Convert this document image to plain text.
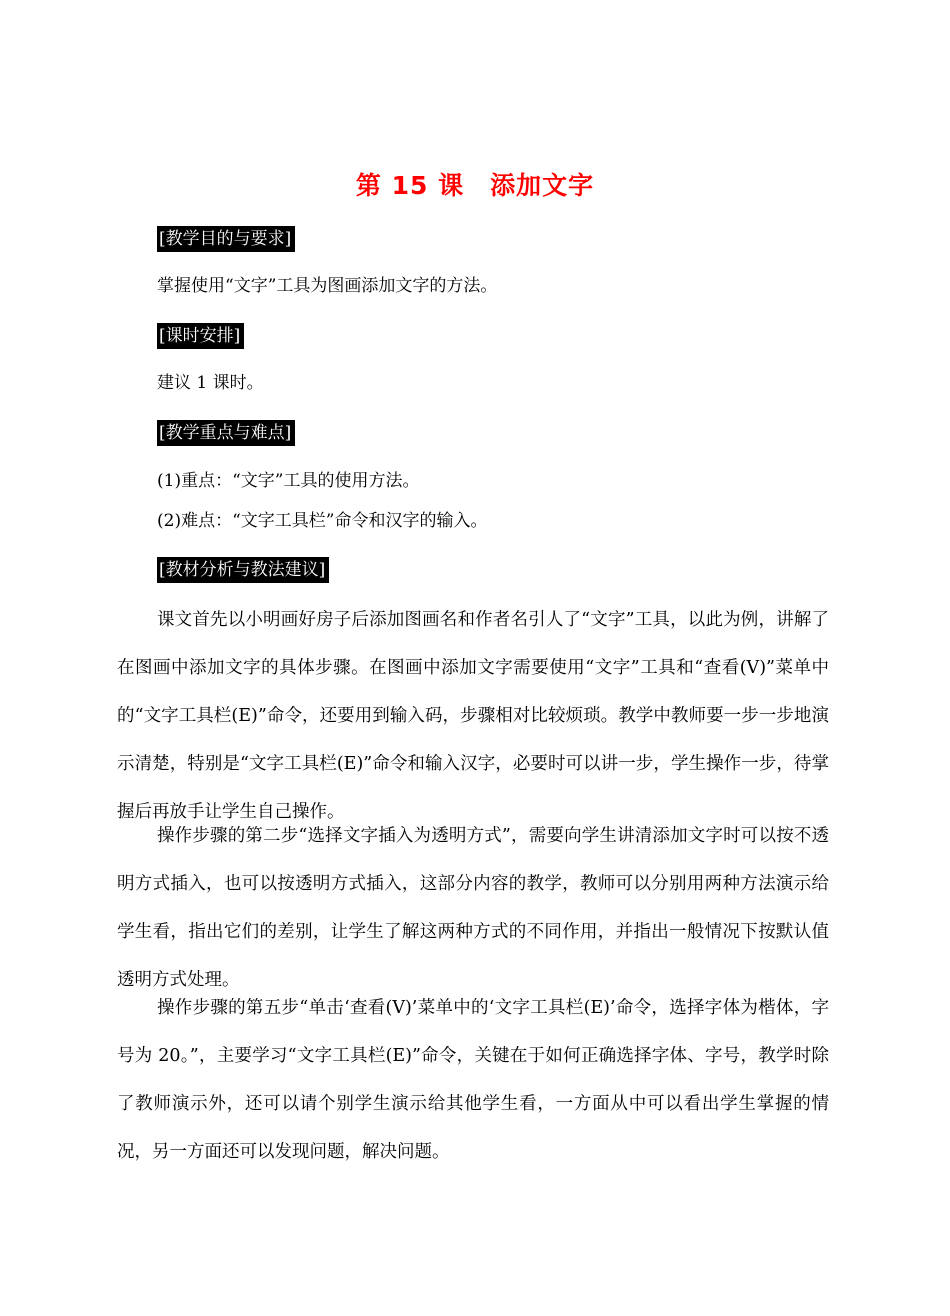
第 15 课　添加文字
[教学目的与要求]
掌握使用“文字”工具为图画添加文字的方法。
[课时安排]
建议 1 课时。
[教学重点与难点]
(1)重点：“文字”工具的使用方法。
(2)难点：“文字工具栏”命令和汉字的输入。
[教材分析与教法建议]

课文首先以小明画好房子后添加图画名和作者名引人了“文字”工具，以此为例，讲解了在图画中添加文字的具体步骤。在图画中添加文字需要使用“文字”工具和“查看(V)”菜单中的“文字工具栏(E)”命令，还要用到输入码，步骤相对比较烦琐。教学中教师要一步一步地演示清楚，特别是“文字工具栏(E)”命令和输入汉字，必要时可以讲一步，学生操作一步，待掌握后再放手让学生自己操作。

操作步骤的第二步“选择文字插入为透明方式”，需要向学生讲清添加文字时可以按不透明方式插入，也可以按透明方式插入，这部分内容的教学，教师可以分别用两种方法演示给学生看，指出它们的差别，让学生了解这两种方式的不同作用，并指出一般情况下按默认值透明方式处理。

操作步骤的第五步“单击‘查看(V)’菜单中的‘文字工具栏(E)’命令，选择字体为楷体，字号为 20。”，主要学习“文字工具栏(E)”命令，关键在于如何正确选择字体、字号，教学时除了教师演示外，还可以请个别学生演示给其他学生看，一方面从中可以看出学生掌握的情况，另一方面还可以发现问题，解决问题。
